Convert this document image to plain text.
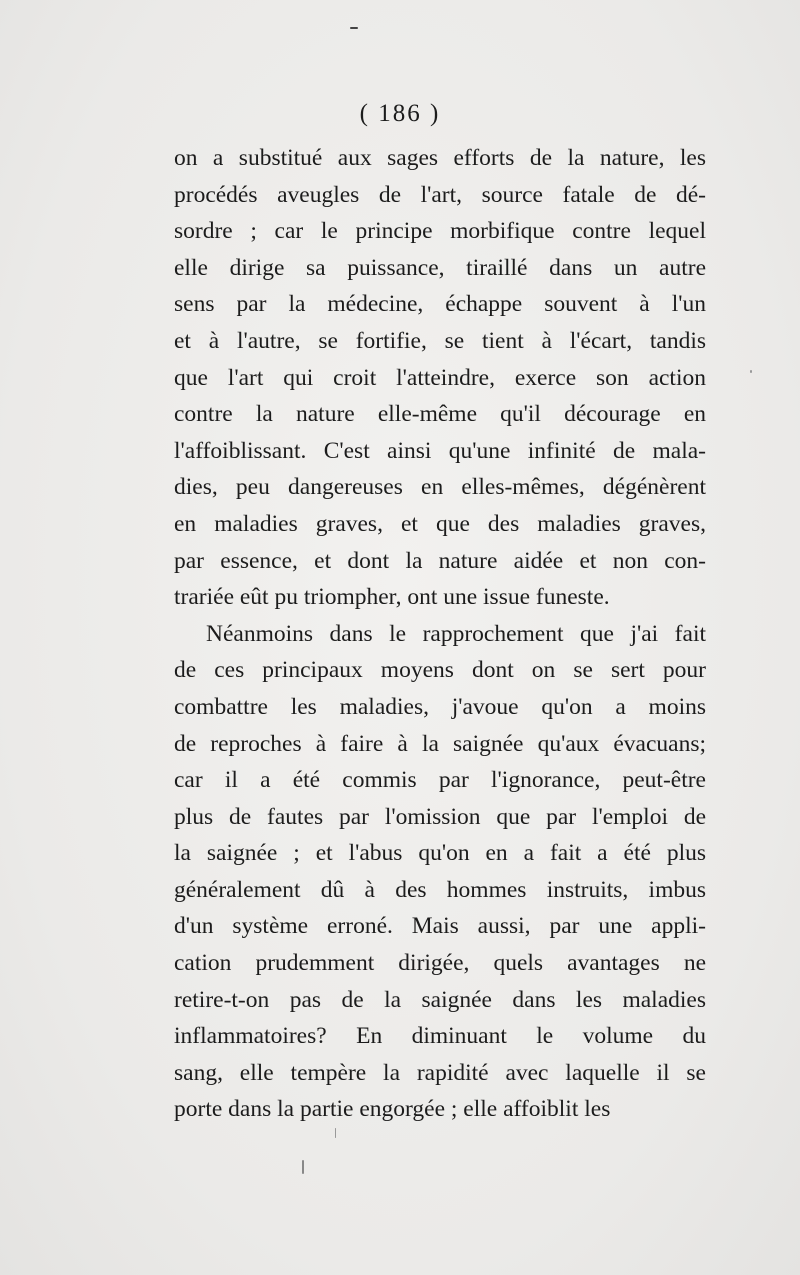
( 186 )
on a substitué aux sages efforts de la nature, les
procédés aveugles de l'art, source fatale de dé-
sordre ; car le principe morbifique contre lequel
elle dirige sa puissance, tiraillé dans un autre
sens par la médecine, échappe souvent à l'un
et à l'autre, se fortifie, se tient à l'écart, tandis
que l'art qui croit l'atteindre, exerce son action
contre la nature elle-même qu'il décourage en
l'affoiblissant. C'est ainsi qu'une infinité de mala-
dies, peu dangereuses en elles-mêmes, dégénèrent
en maladies graves, et que des maladies graves,
par essence, et dont la nature aidée et non con-
trariée eût pu triompher, ont une issue funeste.
Néanmoins dans le rapprochement que j'ai fait
de ces principaux moyens dont on se sert pour
combattre les maladies, j'avoue qu'on a moins
de reproches à faire à la saignée qu'aux évacuans;
car il a été commis par l'ignorance, peut-être
plus de fautes par l'omission que par l'emploi de
la saignée ; et l'abus qu'on en a fait a été plus
généralement dû à des hommes instruits, imbus
d'un système erroné. Mais aussi, par une appli-
cation prudemment dirigée, quels avantages ne
retire-t-on pas de la saignée dans les maladies
inflammatoires? En diminuant le volume du
sang, elle tempère la rapidité avec laquelle il se
porte dans la partie engorgée ; elle affoiblit les
